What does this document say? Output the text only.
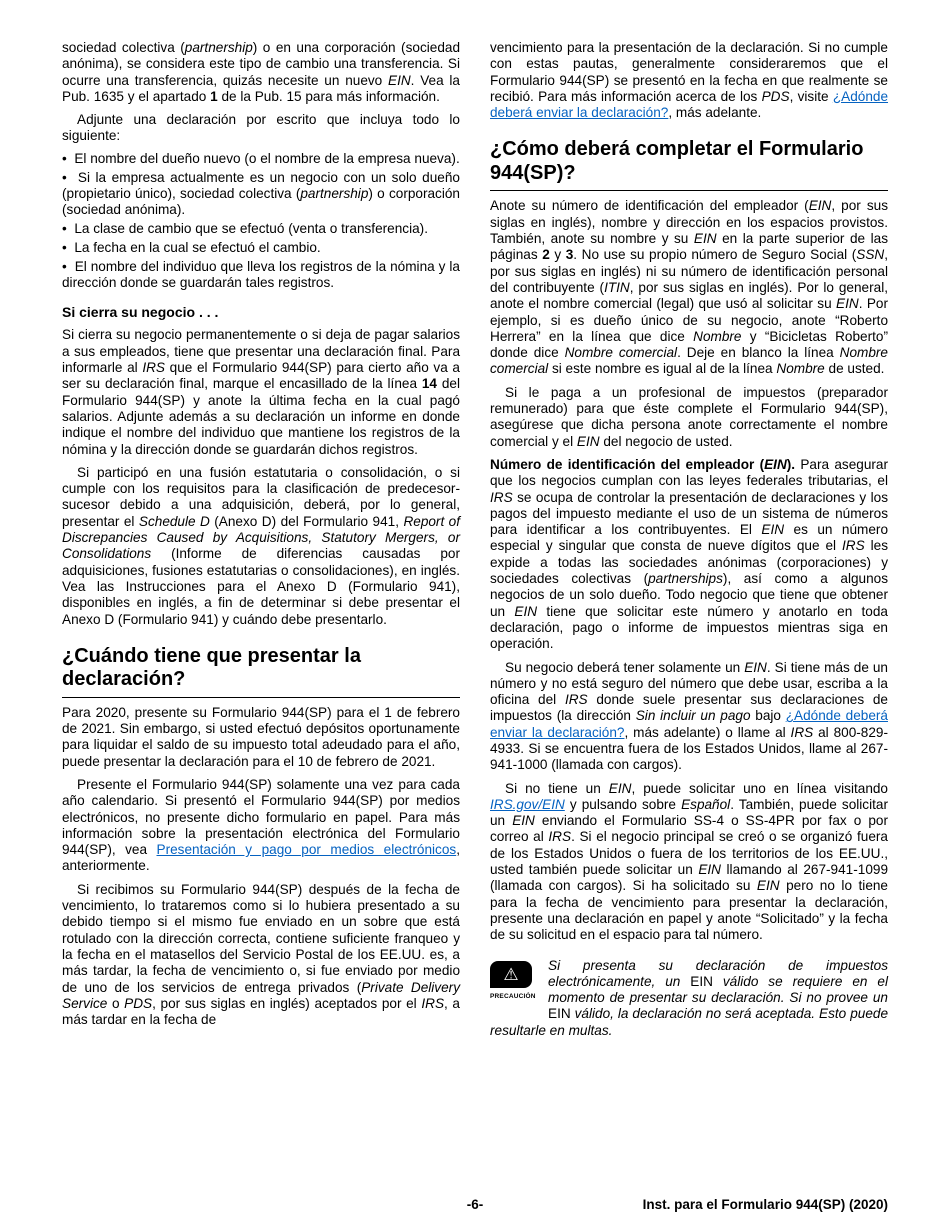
sociedad colectiva (partnership) o en una corporación (sociedad anónima), se considera este tipo de cambio una transferencia. Si ocurre una transferencia, quizás necesite un nuevo EIN. Vea la Pub. 1635 y el apartado 1 de la Pub. 15 para más información.

Adjunte una declaración por escrito que incluya todo lo siguiente:

•  El nombre del dueño nuevo (o el nombre de la empresa nueva).
•  Si la empresa actualmente es un negocio con un solo dueño (propietario único), sociedad colectiva (partnership) o corporación (sociedad anónima).
•  La clase de cambio que se efectuó (venta o transferencia).
•  La fecha en la cual se efectuó el cambio.
•  El nombre del individuo que lleva los registros de la nómina y la dirección donde se guardarán tales registros.
Si cierra su negocio . . .

Si cierra su negocio permanentemente o si deja de pagar salarios a sus empleados, tiene que presentar una declaración final. Para informarle al IRS que el Formulario 944(SP) para cierto año va a ser su declaración final, marque el encasillado de la línea 14 del Formulario 944(SP) y anote la última fecha en la cual pagó salarios. Adjunte además a su declaración un informe en donde indique el nombre del individuo que mantiene los registros de la nómina y la dirección donde se guardarán dichos registros.

Si participó en una fusión estatutaria o consolidación, o si cumple con los requisitos para la clasificación de predecesor-sucesor debido a una adquisición, deberá, por lo general, presentar el Schedule D (Anexo D) del Formulario 941, Report of Discrepancies Caused by Acquisitions, Statutory Mergers, or Consolidations (Informe de diferencias causadas por adquisiciones, fusiones estatutarias o consolidaciones), en inglés. Vea las Instrucciones para el Anexo D (Formulario 941), disponibles en inglés, a fin de determinar si debe presentar el Anexo D (Formulario 941) y cuándo debe presentarlo.

¿Cuándo tiene que presentar la declaración?

Para 2020, presente su Formulario 944(SP) para el 1 de febrero de 2021. Sin embargo, si usted efectuó depósitos oportunamente para liquidar el saldo de su impuesto total adeudado para el año, puede presentar la declaración para el 10 de febrero de 2021.

Presente el Formulario 944(SP) solamente una vez para cada año calendario. Si presentó el Formulario 944(SP) por medios electrónicos, no presente dicho formulario en papel. Para más información sobre la presentación electrónica del Formulario 944(SP), vea Presentación y pago por medios electrónicos, anteriormente.

Si recibimos su Formulario 944(SP) después de la fecha de vencimiento, lo trataremos como si lo hubiera presentado a su debido tiempo si el mismo fue enviado en un sobre que está rotulado con la dirección correcta, contiene suficiente franqueo y la fecha en el matasellos del Servicio Postal de los EE.UU. es, a más tardar, la fecha de vencimiento o, si fue enviado por medio de uno de los servicios de entrega privados (Private Delivery Service o PDS, por sus siglas en inglés) aceptados por el IRS, a más tardar en la fecha de

vencimiento para la presentación de la declaración. Si no cumple con estas pautas, generalmente consideraremos que el Formulario 944(SP) se presentó en la fecha en que realmente se recibió. Para más información acerca de los PDS, visite ¿Adónde deberá enviar la declaración?, más adelante.

¿Cómo deberá completar el Formulario 944(SP)?

Anote su número de identificación del empleador (EIN, por sus siglas en inglés), nombre y dirección en los espacios provistos. También, anote su nombre y su EIN en la parte superior de las páginas 2 y 3. No use su propio número de Seguro Social (SSN, por sus siglas en inglés) ni su número de identificación personal del contribuyente (ITIN, por sus siglas en inglés). Por lo general, anote el nombre comercial (legal) que usó al solicitar su EIN. Por ejemplo, si es dueño único de su negocio, anote “Roberto Herrera” en la línea que dice Nombre y “Bicicletas Roberto” donde dice Nombre comercial. Deje en blanco la línea Nombre comercial si este nombre es igual al de la línea Nombre de usted.

Si le paga a un profesional de impuestos (preparador remunerado) para que éste complete el Formulario 944(SP), asegúrese que dicha persona anote correctamente el nombre comercial y el EIN del negocio de usted.

Número de identificación del empleador (EIN). Para asegurar que los negocios cumplan con las leyes federales tributarias, el IRS se ocupa de controlar la presentación de declaraciones y los pagos del impuesto mediante el uso de un sistema de números para identificar a los contribuyentes. El EIN es un número especial y singular que consta de nueve dígitos que el IRS les expide a todas las sociedades anónimas (corporaciones) y sociedades colectivas (partnerships), así como a algunos negocios de un solo dueño. Todo negocio que tiene que obtener un EIN tiene que solicitar este número y anotarlo en toda declaración, pago o informe de impuestos mientras siga en operación.

Su negocio deberá tener solamente un EIN. Si tiene más de un número y no está seguro del número que debe usar, escriba a la oficina del IRS donde suele presentar sus declaraciones de impuestos (la dirección Sin incluir un pago bajo ¿Adónde deberá enviar la declaración?, más adelante) o llame al IRS al 800-829-4933. Si se encuentra fuera de los Estados Unidos, llame al 267-941-1000 (llamada con cargos).

Si no tiene un EIN, puede solicitar uno en línea visitando IRS.gov/EIN y pulsando sobre Español. También, puede solicitar un EIN enviando el Formulario SS-4 o SS-4PR por fax o por correo al IRS. Si el negocio principal se creó o se organizó fuera de los Estados Unidos o fuera de los territorios de los EE.UU., usted también puede solicitar un EIN llamando al 267-941-1099 (llamada con cargos). Si ha solicitado su EIN pero no lo tiene para la fecha de vencimiento para presentar la declaración, presente una declaración en papel y anote “Solicitado” y la fecha de su solicitud en el espacio para tal número.

⚠
PRECAUCIÓN
Si presenta su declaración de impuestos electrónicamente, un EIN válido se requiere en el momento de presentar su declaración. Si no provee un EIN válido, la declaración no será aceptada. Esto puede resultarle en multas.
-6-	Inst. para el Formulario 944(SP) (2020)
